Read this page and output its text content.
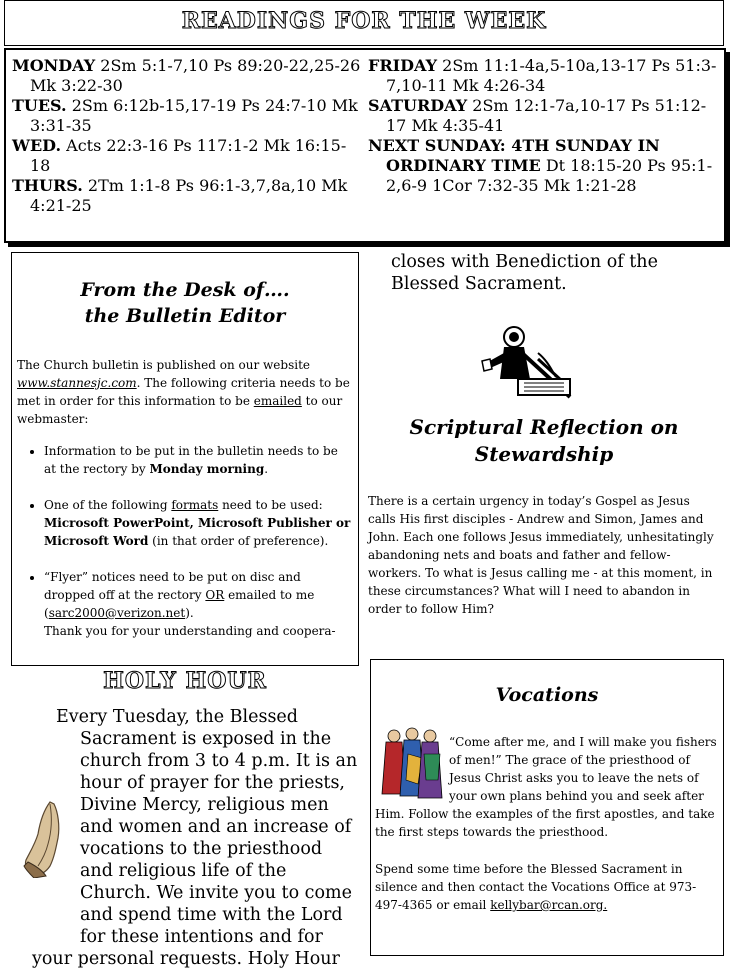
READINGS FOR THE WEEK
MONDAY 2Sm 5:1-7,10 Ps 89:20-22,25-26 Mk 3:22-30
TUES. 2Sm 6:12b-15,17-19 Ps 24:7-10 Mk 3:31-35
WED. Acts 22:3-16 Ps 117:1-2 Mk 16:15-18
THURS. 2Tm 1:1-8 Ps 96:1-3,7,8a,10 Mk 4:21-25
FRIDAY 2Sm 11:1-4a,5-10a,13-17 Ps 51:3-7,10-11 Mk 4:26-34
SATURDAY 2Sm 12:1-7a,10-17 Ps 51:12-17 Mk 4:35-41
NEXT SUNDAY: 4TH SUNDAY IN ORDINARY TIME Dt 18:15-20 Ps 95:1-2,6-9 1Cor 7:32-35 Mk 1:21-28
From the Desk of….
the Bulletin Editor
The Church bulletin is published on our website www.stannesjc.com. The following criteria needs to be met in order for this information to be emailed to our webmaster:
• Information to be put in the bulletin needs to be at the rectory by Monday morning.
• One of the following formats need to be used: Microsoft PowerPoint, Microsoft Publisher or Microsoft Word (in that order of preference).
• “Flyer” notices need to be put on disc and dropped off at the rectory OR emailed to me (sarc2000@verizon.net).
Thank you for your understanding and coopera-
HOLY HOUR

Every Tuesday, the Blessed Sacrament is exposed in the church from 3 to 4 p.m. It is an hour of prayer for the priests, Divine Mercy, religious men and women and an increase of vocations to the priesthood and religious life of the Church. We invite you to come and spend time with the Lord for these intentions and for your personal requests. Holy Hour

closes with Benediction of the Blessed Sacrament.
Scriptural Reflection on Stewardship
There is a certain urgency in today’s Gospel as Jesus calls His first disciples - Andrew and Simon, James and John. Each one follows Jesus immediately, unhesitatingly abandoning nets and boats and father and fellow-workers. To what is Jesus calling me - at this moment, in these circumstances? What will I need to abandon in order to follow Him?
Vocations
“Come after me, and I will make you fishers of men!” The grace of the priesthood of Jesus Christ asks you to leave the nets of your own plans behind you and seek after Him. Follow the examples of the first apostles, and take the first steps towards the priesthood.
Spend some time before the Blessed Sacrament in silence and then contact the Vocations Office at 973-497-4365 or email kellybar@rcan.org.
